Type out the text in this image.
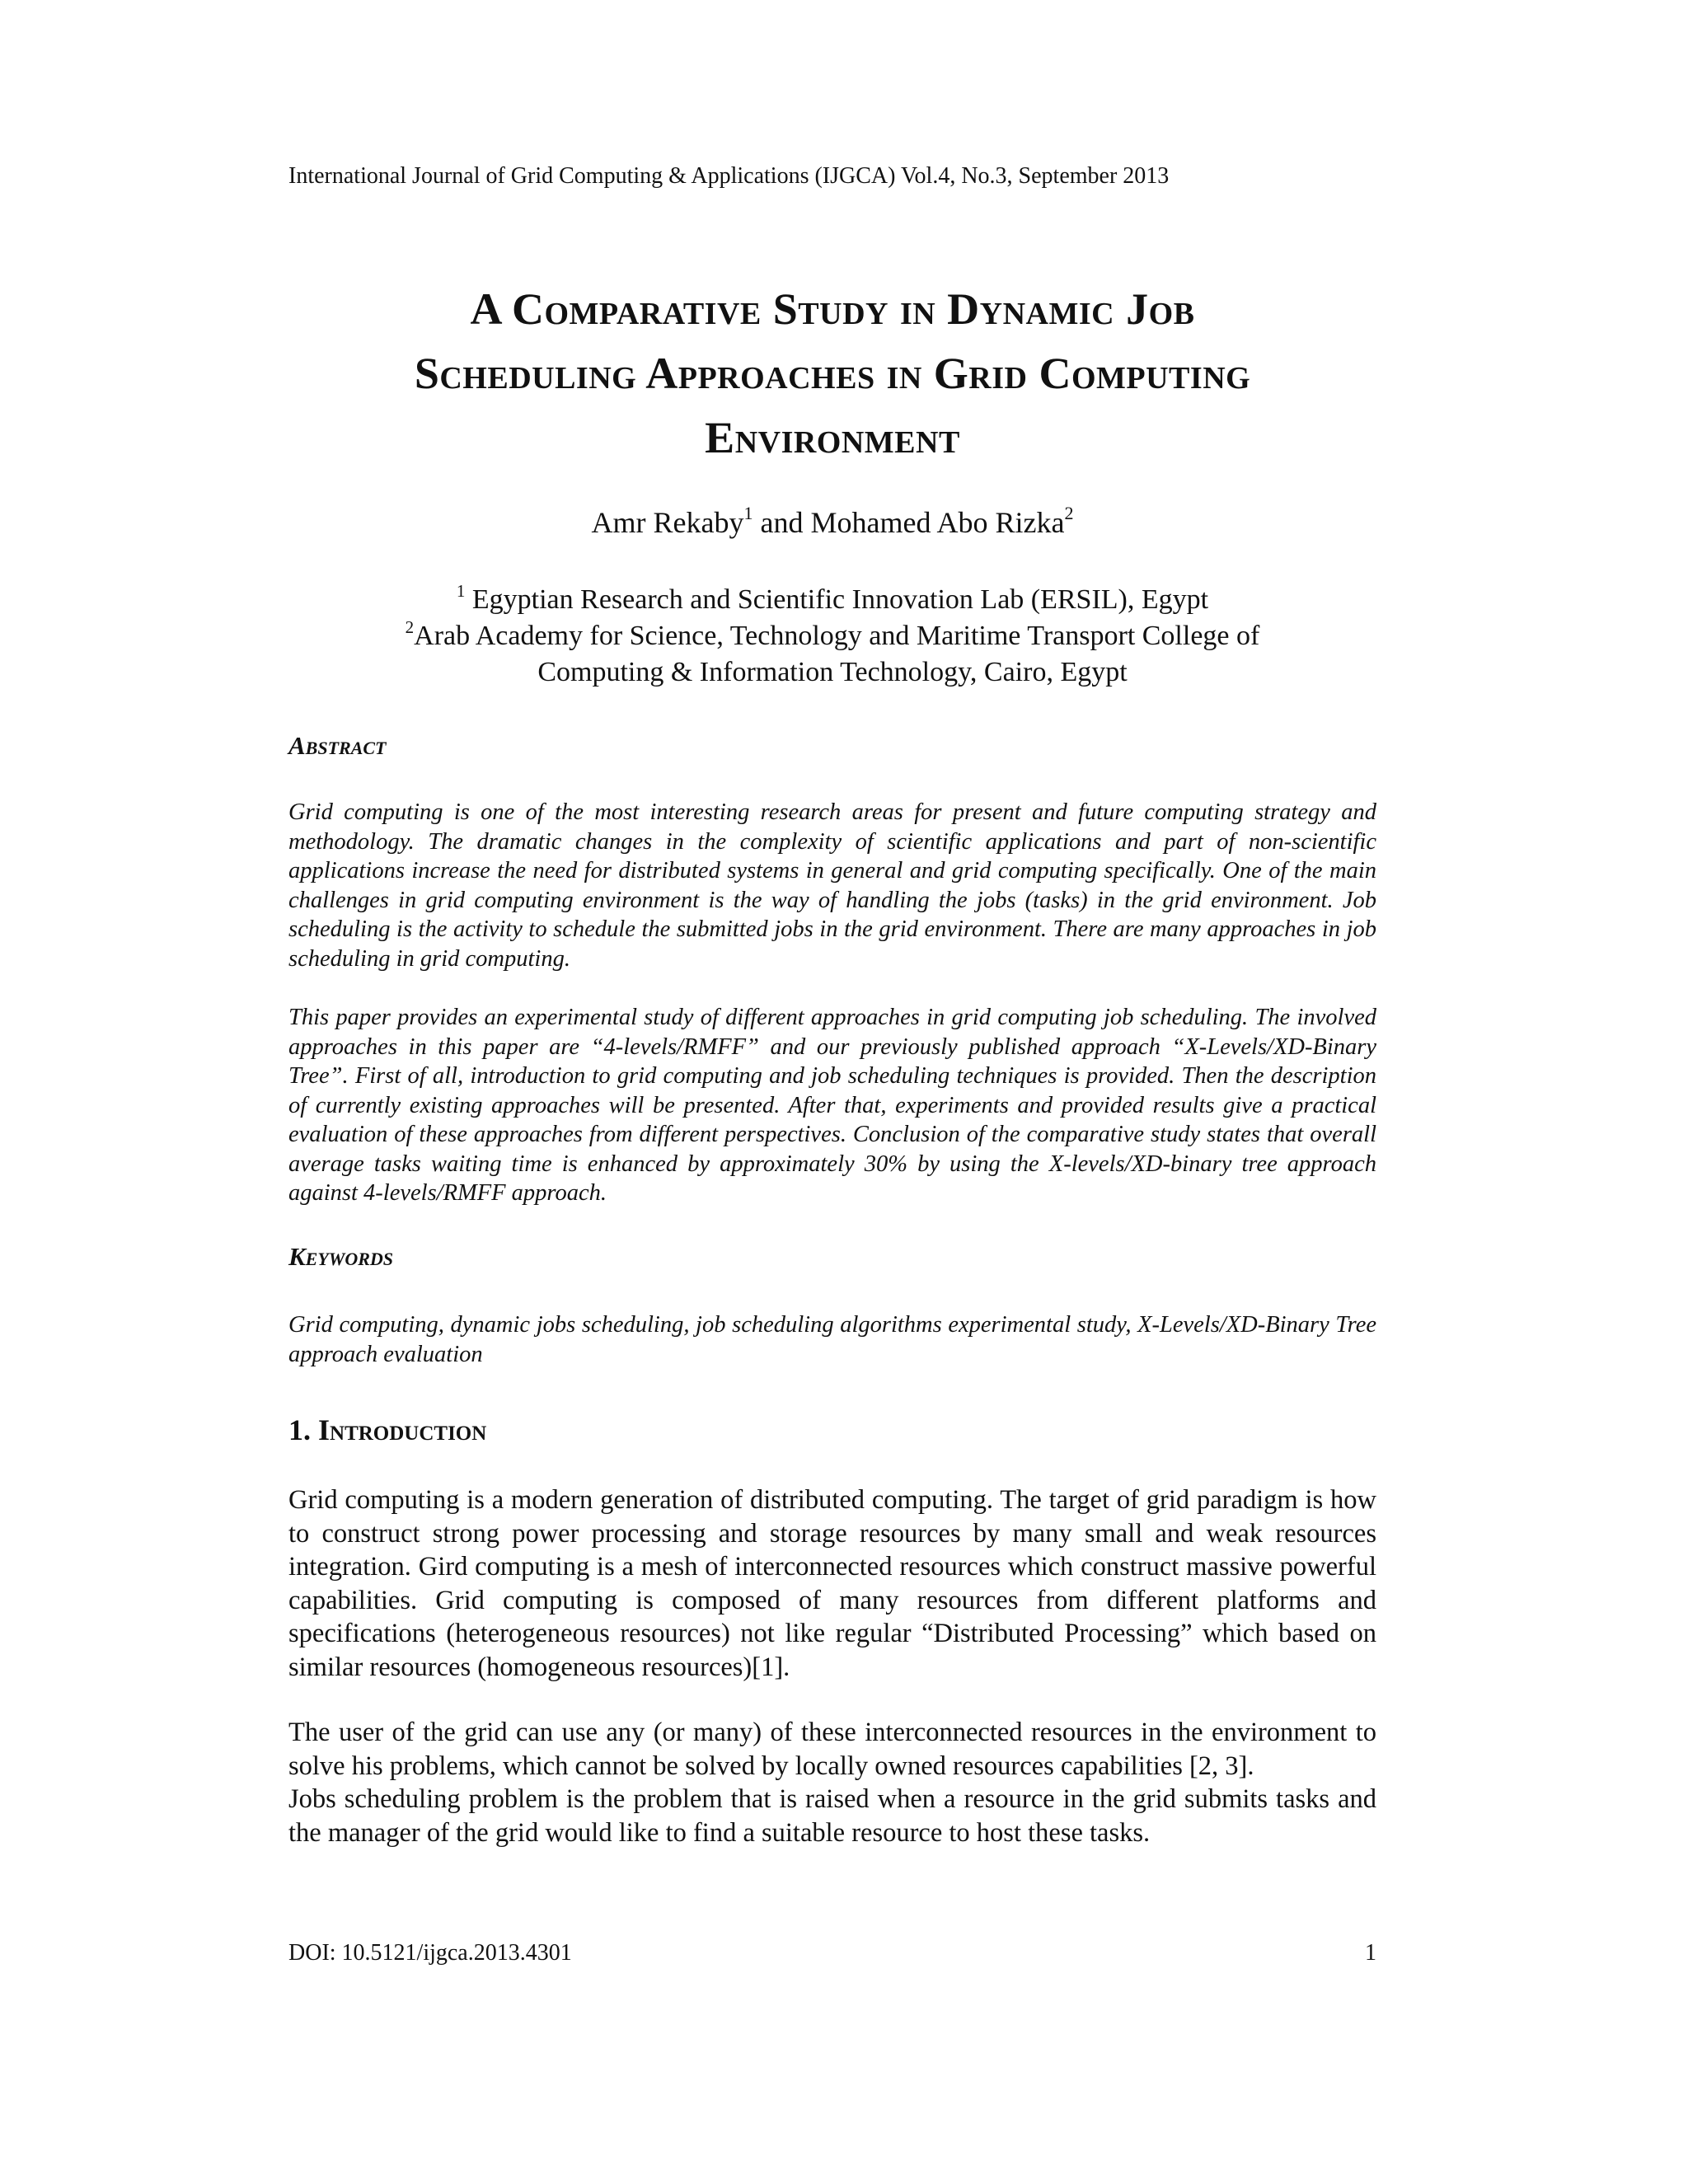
International Journal of Grid Computing & Applications (IJGCA) Vol.4, No.3, September 2013
A Comparative Study in Dynamic Job
Scheduling Approaches in Grid Computing
Environment
Amr Rekaby$^1$ and Mohamed Abo Rizka$^2$
$^1$ Egyptian Research and Scientific Innovation Lab (ERSIL), Egypt
$^2$Arab Academy for Science, Technology and Maritime Transport College of
Computing & Information Technology, Cairo, Egypt
Abstract
Grid computing is one of the most interesting research areas for present and future computing strategy and methodology. The dramatic changes in the complexity of scientific applications and part of non-scientific applications increase the need for distributed systems in general and grid computing specifically. One of the main challenges in grid computing environment is the way of handling the jobs (tasks) in the grid environment. Job scheduling is the activity to schedule the submitted jobs in the grid environment. There are many approaches in job scheduling in grid computing.
This paper provides an experimental study of different approaches in grid computing job scheduling. The involved approaches in this paper are “4-levels/RMFF” and our previously published approach “X-Levels/XD-Binary Tree”. First of all, introduction to grid computing and job scheduling techniques is provided. Then the description of currently existing approaches will be presented. After that, experiments and provided results give a practical evaluation of these approaches from different perspectives. Conclusion of the comparative study states that overall average tasks waiting time is enhanced by approximately 30% by using the X-levels/XD-binary tree approach against 4-levels/RMFF approach.
Keywords
Grid computing, dynamic jobs scheduling, job scheduling algorithms experimental study, X-Levels/XD-Binary Tree approach evaluation
1. Introduction
Grid computing is a modern generation of distributed computing. The target of grid paradigm is how to construct strong power processing and storage resources by many small and weak resources integration. Gird computing is a mesh of interconnected resources which construct massive powerful capabilities. Grid computing is composed of many resources from different platforms and specifications (heterogeneous resources) not like regular “Distributed Processing” which based on similar resources (homogeneous resources)[1].
The user of the grid can use any (or many) of these interconnected resources in the environment to solve his problems, which cannot be solved by locally owned resources capabilities [2, 3].
Jobs scheduling problem is the problem that is raised when a resource in the grid submits tasks and the manager of the grid would like to find a suitable resource to host these tasks.
DOI: 10.5121/ijgca.2013.4301	1
